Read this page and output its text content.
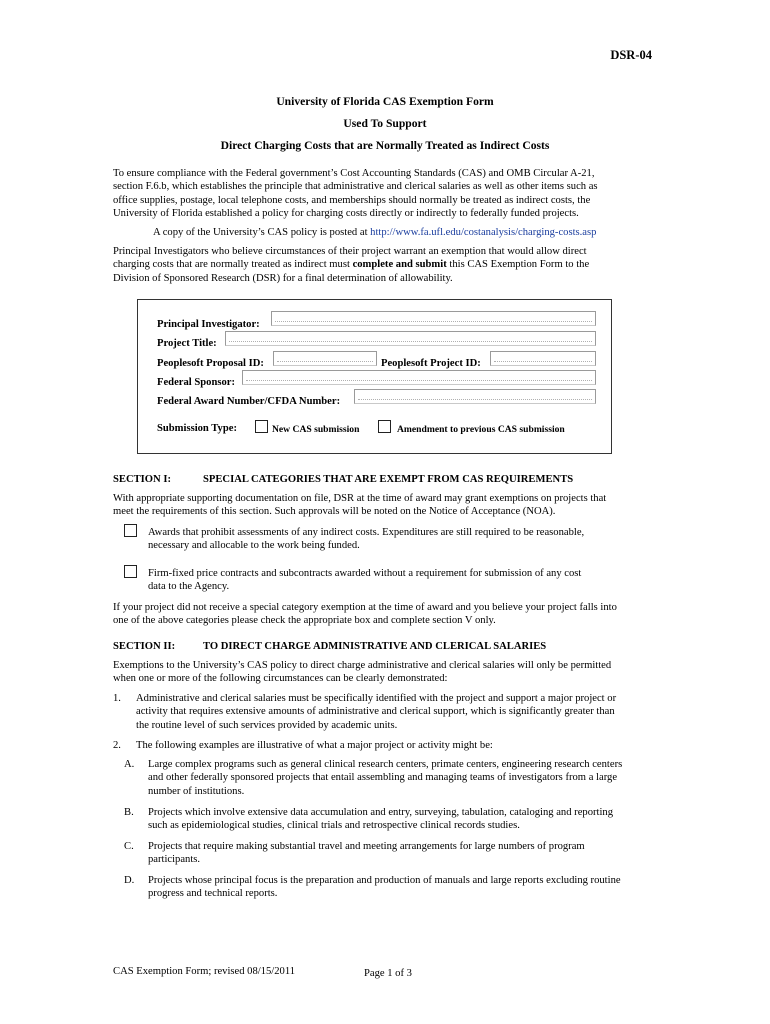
DSR-04
University of Florida CAS Exemption Form
Used To Support
Direct Charging Costs that are Normally Treated as Indirect Costs
To ensure compliance with the Federal government’s Cost Accounting Standards (CAS) and OMB Circular A-21,
section F.6.b, which establishes the principle that administrative and clerical salaries as well as other items such as
office supplies, postage, local telephone costs, and memberships should normally be treated as indirect costs, the
University of Florida established a policy for charging costs directly or indirectly to federally funded projects.
A copy of the University’s CAS policy is posted at http://www.fa.ufl.edu/costanalysis/charging-costs.asp
Principal Investigators who believe circumstances of their project warrant an exemption that would allow direct
charging costs that are normally treated as indirect must complete and submit this CAS Exemption Form to the
Division of Sponsored Research (DSR) for a final determination of allowability.
Principal Investigator:
Project Title:
Peoplesoft Proposal ID:	Peoplesoft Project ID:
Federal Sponsor:
Federal Award Number/CFDA Number:
Submission Type:	New CAS submission	Amendment to previous CAS submission
SECTION I:	SPECIAL CATEGORIES THAT ARE EXEMPT FROM CAS REQUIREMENTS
With appropriate supporting documentation on file, DSR at the time of award may grant exemptions on projects that
meet the requirements of this section. Such approvals will be noted on the Notice of Acceptance (NOA).
Awards that prohibit assessments of any indirect costs. Expenditures are still required to be reasonable,
necessary and allocable to the work being funded.
Firm-fixed price contracts and subcontracts awarded without a requirement for submission of any cost
data to the Agency.
If your project did not receive a special category exemption at the time of award and you believe your project falls into
one of the above categories please check the appropriate box and complete section V only.
SECTION II:	TO DIRECT CHARGE ADMINISTRATIVE AND CLERICAL SALARIES
Exemptions to the University’s CAS policy to direct charge administrative and clerical salaries will only be permitted
when one or more of the following circumstances can be clearly demonstrated:
1. Administrative and clerical salaries must be specifically identified with the project and support a major project or
activity that requires extensive amounts of administrative and clerical support, which is significantly greater than
the routine level of such services provided by academic units.
2. The following examples are illustrative of what a major project or activity might be:
A. Large complex programs such as general clinical research centers, primate centers, engineering research centers
and other federally sponsored projects that entail assembling and managing teams of investigators from a large
number of institutions.
B. Projects which involve extensive data accumulation and entry, surveying, tabulation, cataloging and reporting
such as epidemiological studies, clinical trials and retrospective clinical records studies.
C. Projects that require making substantial travel and meeting arrangements for large numbers of program
participants.
D. Projects whose principal focus is the preparation and production of manuals and large reports excluding routine
progress and technical reports.
CAS Exemption Form; revised 08/15/2011	Page 1 of 3
